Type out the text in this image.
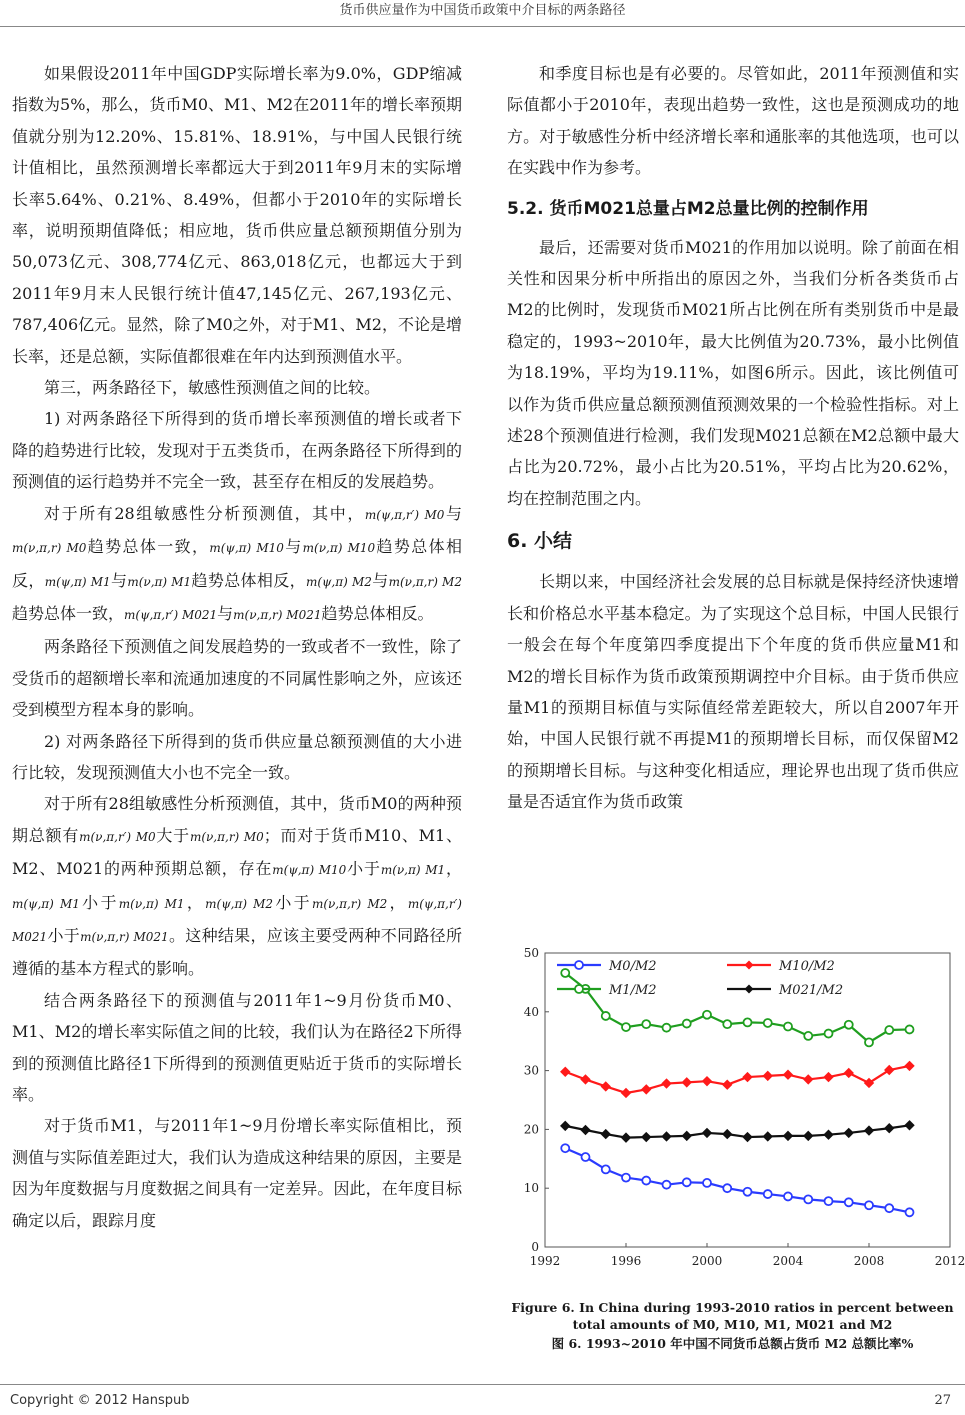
货币供应量作为中国货币政策中介目标的两条路径

如果假设2011年中国GDP实际增长率为9.0%，GDP缩减指数为5%，那么，货币M0、M1、M2在2011年的增长率预期值就分别为12.20%、15.81%、18.91%，与中国人民银行统计值相比，虽然预测增长率都远大于到2011年9月末的实际增长率5.64%、0.21%、8.49%，但都小于2010年的实际增长率，说明预期值降低；相应地，货币供应量总额预期值分别为50,073亿元、308,774亿元、863,018亿元，也都远大于到2011年9月末人民银行统计值47,145亿元、267,193亿元、787,406亿元。显然，除了M0之外，对于M1、M2，不论是增长率，还是总额，实际值都很难在年内达到预测值水平。

第三，两条路径下，敏感性预测值之间的比较。

1) 对两条路径下所得到的货币增长率预测值的增长或者下降的趋势进行比较，发现对于五类货币，在两条路径下所得到的预测值的运行趋势并不完全一致，甚至存在相反的发展趋势。

对于所有28组敏感性分析预测值，其中，m(ψ,π,r′) M0与m(ν,π,r) M0趋势总体一致，m(ψ,π) M10与m(ν,π) M10趋势总体相反，m(ψ,π) M1与m(ν,π) M1趋势总体相反，m(ψ,π) M2与m(ν,π,r) M2趋势总体一致，m(ψ,π,r′) M021与m(ν,π,r) M021趋势总体相反。

两条路径下预测值之间发展趋势的一致或者不一致性，除了受货币的超额增长率和流通加速度的不同属性影响之外，应该还受到模型方程本身的影响。

2) 对两条路径下所得到的货币供应量总额预测值的大小进行比较，发现预测值大小也不完全一致。

对于所有28组敏感性分析预测值，其中，货币M0的两种预期总额有m(ν,π,r′) M0大于m(ν,π,r) M0；而对于货币M10、M1、M2、M021的两种预期总额，存在m(ψ,π) M10小于m(ν,π) M1，m(ψ,π) M1小于m(ν,π) M1，m(ψ,π) M2小于m(ν,π,r) M2，m(ψ,π,r′) M021小于m(ν,π,r) M021。这种结果，应该主要受两种不同路径所遵循的基本方程式的影响。

结合两条路径下的预测值与2011年1~9月份货币M0、M1、M2的增长率实际值之间的比较，我们认为在路径2下所得到的预测值比路径1下所得到的预测值更贴近于货币的实际增长率。

对于货币M1，与2011年1~9月份增长率实际值相比，预测值与实际值差距过大，我们认为造成这种结果的原因，主要是因为年度数据与月度数据之间具有一定差异。因此，在年度目标确定以后，跟踪月度

和季度目标也是有必要的。尽管如此，2011年预测值和实际值都小于2010年，表现出趋势一致性，这也是预测成功的地方。对于敏感性分析中经济增长率和通胀率的其他选项，也可以在实践中作为参考。

5.2. 货币M021总量占M2总量比例的控制作用

最后，还需要对货币M021的作用加以说明。除了前面在相关性和因果分析中所指出的原因之外，当我们分析各类货币占M2的比例时，发现货币M021所占比例在所有类别货币中是最稳定的，1993~2010年，最大比例值为20.73%，最小比例值为18.19%，平均为19.11%，如图6所示。因此，该比例值可以作为货币供应量总额预测值预测效果的一个检验性指标。对上述28个预测值进行检测，我们发现M021总额在M2总额中最大占比为20.72%，最小占比为20.51%，平均占比为20.62%，均在控制范围之内。

6. 小结

长期以来，中国经济社会发展的总目标就是保持经济快速增长和价格总水平基本稳定。为了实现这个总目标，中国人民银行一般会在每个年度第四季度提出下个年度的货币供应量M1和M2的增长目标作为货币政策预期调控中介目标。由于货币供应量M1的预期目标值与实际值经常差距较大，所以自2007年开始，中国人民银行就不再提M1的预期增长目标，而仅保留M2的预期增长目标。与这种变化相适应，理论界也出现了货币供应量是否适宜作为货币政策

0
10
20
30
40
50
1992	1996	2000	2004	2008	2012
M0/M2	M10/M2
M1/M2	M021/M2
Figure 6. In China during 1993-2010 ratios in percent between total amounts of M0, M10, M1, M021 and M2
图 6. 1993~2010 年中国不同货币总额占货币 M2 总额比率%
Copyright © 2012 Hanspub	27
